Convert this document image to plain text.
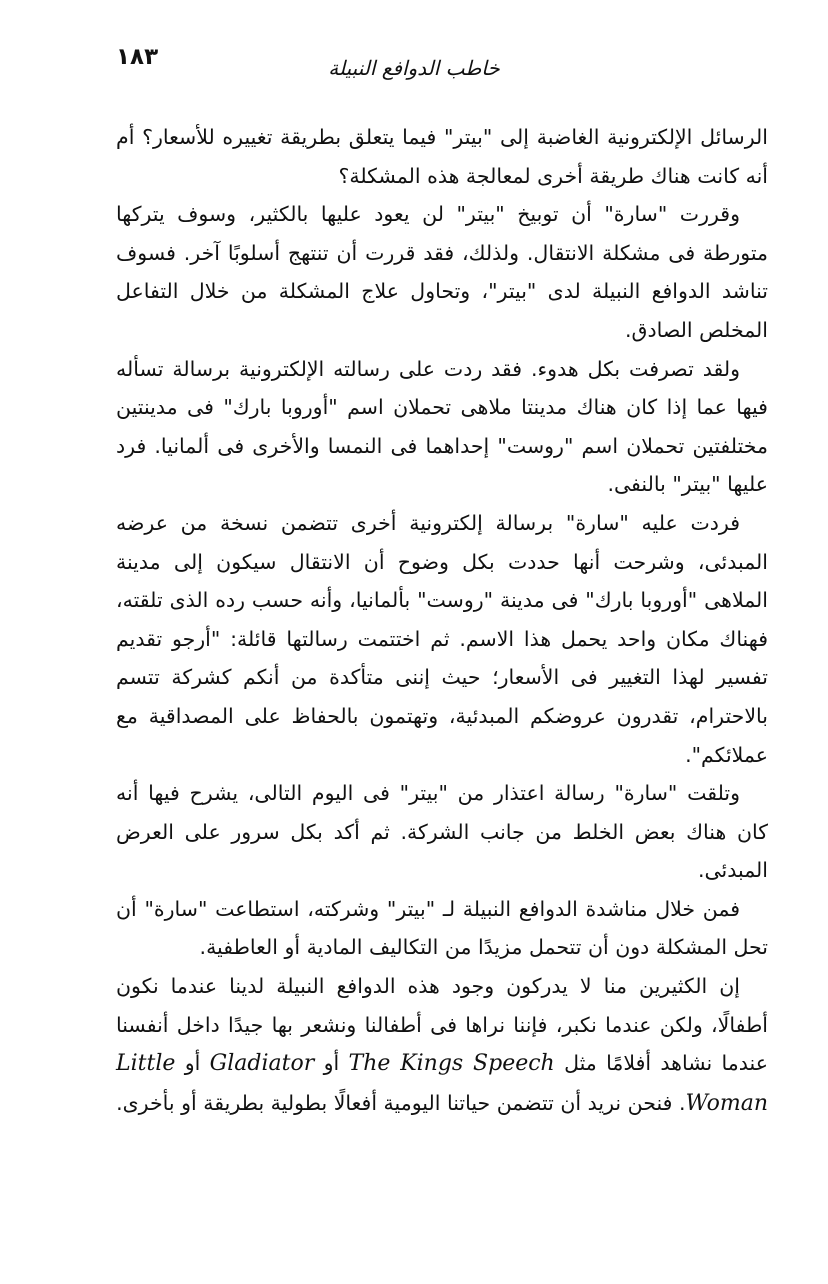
١٨٣	خاطب الدوافع النبيلة

الرسائل الإلكترونية الغاضبة إلى "بيتر" فيما يتعلق بطريقة تغييره للأسعار؟ أم أنه كانت هناك طريقة أخرى لمعالجة هذه المشكلة؟

وقررت "سارة" أن توبيخ "بيتر" لن يعود عليها بالكثير، وسوف يتركها متورطة فى مشكلة الانتقال. ولذلك، فقد قررت أن تنتهج أسلوبًا آخر. فسوف تناشد الدوافع النبيلة لدى "بيتر"، وتحاول علاج المشكلة من خلال التفاعل المخلص الصادق.

ولقد تصرفت بكل هدوء. فقد ردت على رسالته الإلكترونية برسالة تسأله فيها عما إذا كان هناك مدينتا ملاهى تحملان اسم "أوروبا بارك" فى مدينتين مختلفتين تحملان اسم "روست" إحداهما فى النمسا والأخرى فى ألمانيا. فرد عليها "بيتر" بالنفى.

فردت عليه "سارة" برسالة إلكترونية أخرى تتضمن نسخة من عرضه المبدئى، وشرحت أنها حددت بكل وضوح أن الانتقال سيكون إلى مدينة الملاهى "أوروبا بارك" فى مدينة "روست" بألمانيا، وأنه حسب رده الذى تلقته، فهناك مكان واحد يحمل هذا الاسم. ثم اختتمت رسالتها قائلة: "أرجو تقديم تفسير لهذا التغيير فى الأسعار؛ حيث إننى متأكدة من أنكم كشركة تتسم بالاحترام، تقدرون عروضكم المبدئية، وتهتمون بالحفاظ على المصداقية مع عملائكم".

وتلقت "سارة" رسالة اعتذار من "بيتر" فى اليوم التالى، يشرح فيها أنه كان هناك بعض الخلط من جانب الشركة. ثم أكد بكل سرور على العرض المبدئى.

فمن خلال مناشدة الدوافع النبيلة لـ "بيتر" وشركته، استطاعت "سارة" أن تحل المشكلة دون أن تتحمل مزيدًا من التكاليف المادية أو العاطفية.

إن الكثيرين منا لا يدركون وجود هذه الدوافع النبيلة لدينا عندما نكون أطفالًا، ولكن عندما نكبر، فإننا نراها فى أطفالنا ونشعر بها جيدًا داخل أنفسنا عندما نشاهد أفلامًا مثل The Kings Speech أو Gladiator أو Little Woman. فنحن نريد أن تتضمن حياتنا اليومية أفعالًا بطولية بطريقة أو بأخرى.
